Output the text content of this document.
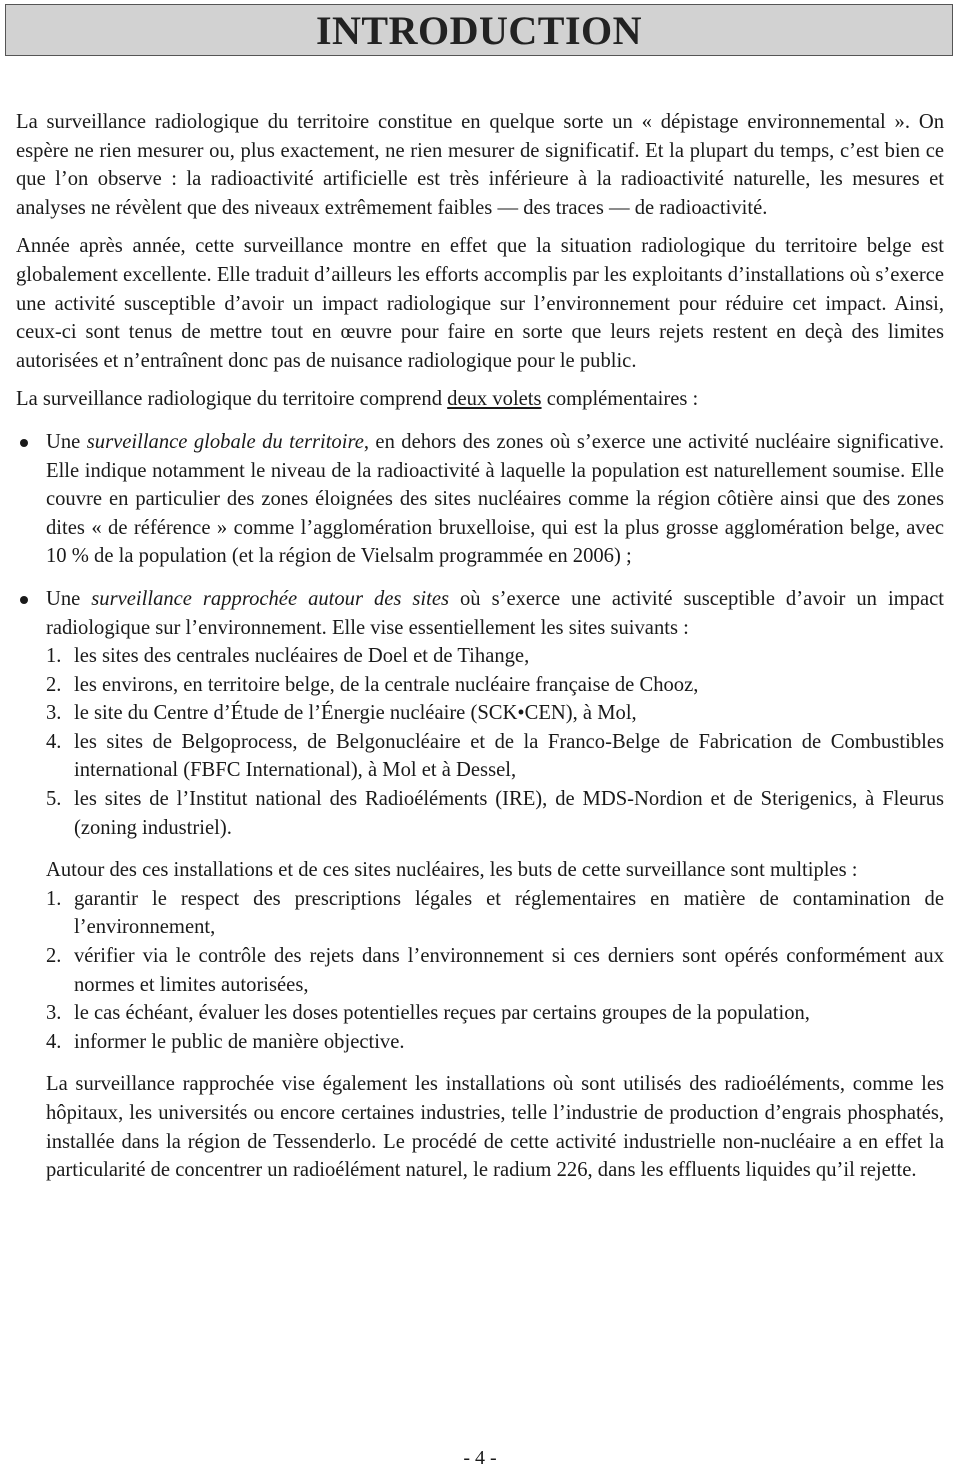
INTRODUCTION

La surveillance radiologique du territoire constitue en quelque sorte un « dépistage environnemental ». On espère ne rien mesurer ou, plus exactement, ne rien mesurer de significatif. Et la plupart du temps, c’est bien ce que l’on observe : la radioactivité artificielle est très inférieure à la radioactivité naturelle, les mesures et analyses ne révèlent que des niveaux extrêmement faibles — des traces — de radioactivité.

Année après année, cette surveillance montre en effet que la situation radiologique du territoire belge est globalement excellente. Elle traduit d’ailleurs les efforts accomplis par les exploitants d’installations où s’exerce une activité susceptible d’avoir un impact radiologique sur l’environnement pour réduire cet impact. Ainsi, ceux-ci sont tenus de mettre tout en œuvre pour faire en sorte que leurs rejets restent en deçà des limites autorisées et n’entraînent donc pas de nuisance radiologique pour le public.

La surveillance radiologique du territoire comprend deux volets complémentaires :

Une surveillance globale du territoire, en dehors des zones où s’exerce une activité nucléaire significative. Elle indique notamment le niveau de la radioactivité à laquelle la population est naturellement soumise. Elle couvre en particulier des zones éloignées des sites nucléaires comme la région côtière ainsi que des zones dites « de référence » comme l’agglomération bruxelloise, qui est la plus grosse agglomération belge, avec 10 % de la population (et la région de Vielsalm programmée en 2006) ;
Une surveillance rapprochée autour des sites où s’exerce une activité susceptible d’avoir un impact radiologique sur l’environnement. Elle vise essentiellement les sites suivants :
1. les sites des centrales nucléaires de Doel et de Tihange,
2. les environs, en territoire belge, de la centrale nucléaire française de Chooz,
3. le site du Centre d’Étude de l’Énergie nucléaire (SCK•CEN), à Mol,
4. les sites de Belgoprocess, de Belgonucléaire et de la Franco-Belge de Fabrication de Combustibles international (FBFC International), à Mol et à Dessel,
5. les sites de l’Institut national des Radioéléments (IRE), de MDS-Nordion et de Sterigenics, à Fleurus (zoning industriel).

Autour des ces installations et de ces sites nucléaires, les buts de cette surveillance sont multiples :

1. garantir le respect des prescriptions légales et réglementaires en matière de contamination de l’environnement,
2. vérifier via le contrôle des rejets dans l’environnement si ces derniers sont opérés conformément aux normes et limites autorisées,
3. le cas échéant, évaluer les doses potentielles reçues par certains groupes de la population,
4. informer le public de manière objective.

La surveillance rapprochée vise également les installations où sont utilisés des radioéléments, comme les hôpitaux, les universités ou encore certaines industries, telle l’industrie de production d’engrais phosphatés, installée dans la région de Tessenderlo. Le procédé de cette activité industrielle non-nucléaire a en effet la particularité de concentrer un radioélément naturel, le radium 226, dans les effluents liquides qu’il rejette.

- 4 -
